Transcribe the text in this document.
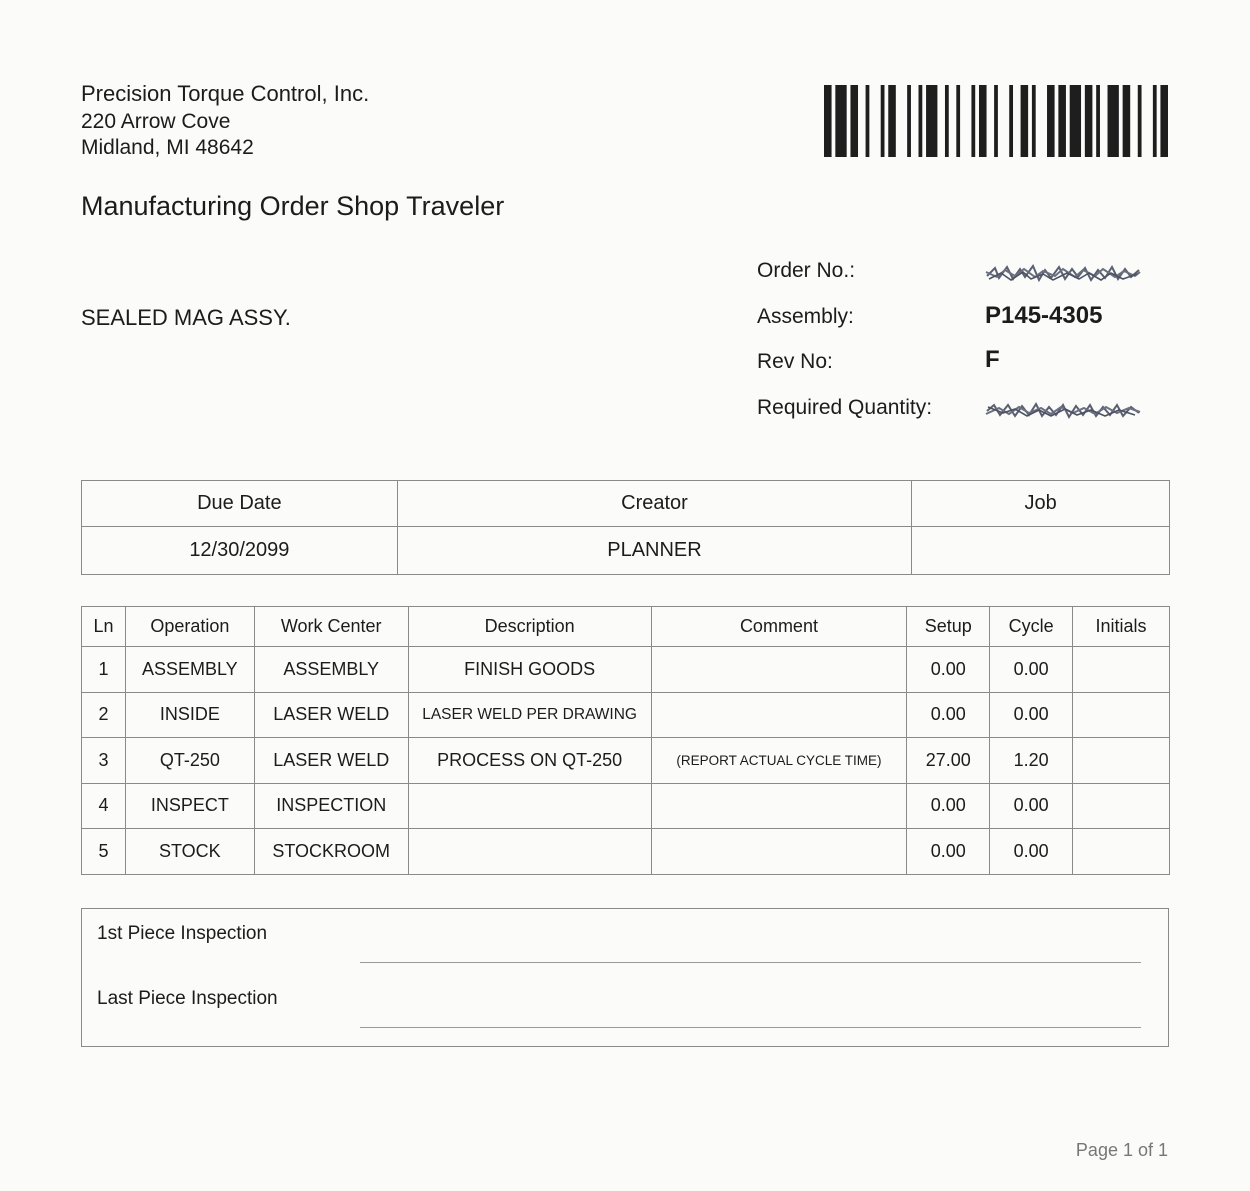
Precision Torque Control, Inc.
220 Arrow Cove
Midland, MI 48642
Manufacturing Order Shop Traveler
SEALED MAG ASSY.
Order No.:
Assembly:	P145-4305
Rev No:	F
Required Quantity:
Due Date	Creator	Job
12/30/2099	PLANNER	
Ln	Operation	Work Center	Description	Comment	Setup	Cycle	Initials
1	ASSEMBLY	ASSEMBLY	FINISH GOODS		0.00	0.00	
2	INSIDE	LASER WELD	LASER WELD PER DRAWING		0.00	0.00	
3	QT-250	LASER WELD	PROCESS ON QT-250	(REPORT ACTUAL CYCLE TIME)	27.00	1.20	
4	INSPECT	INSPECTION			0.00	0.00	
5	STOCK	STOCKROOM			0.00	0.00	
1st Piece Inspection
Last Piece Inspection
Page 1 of 1
